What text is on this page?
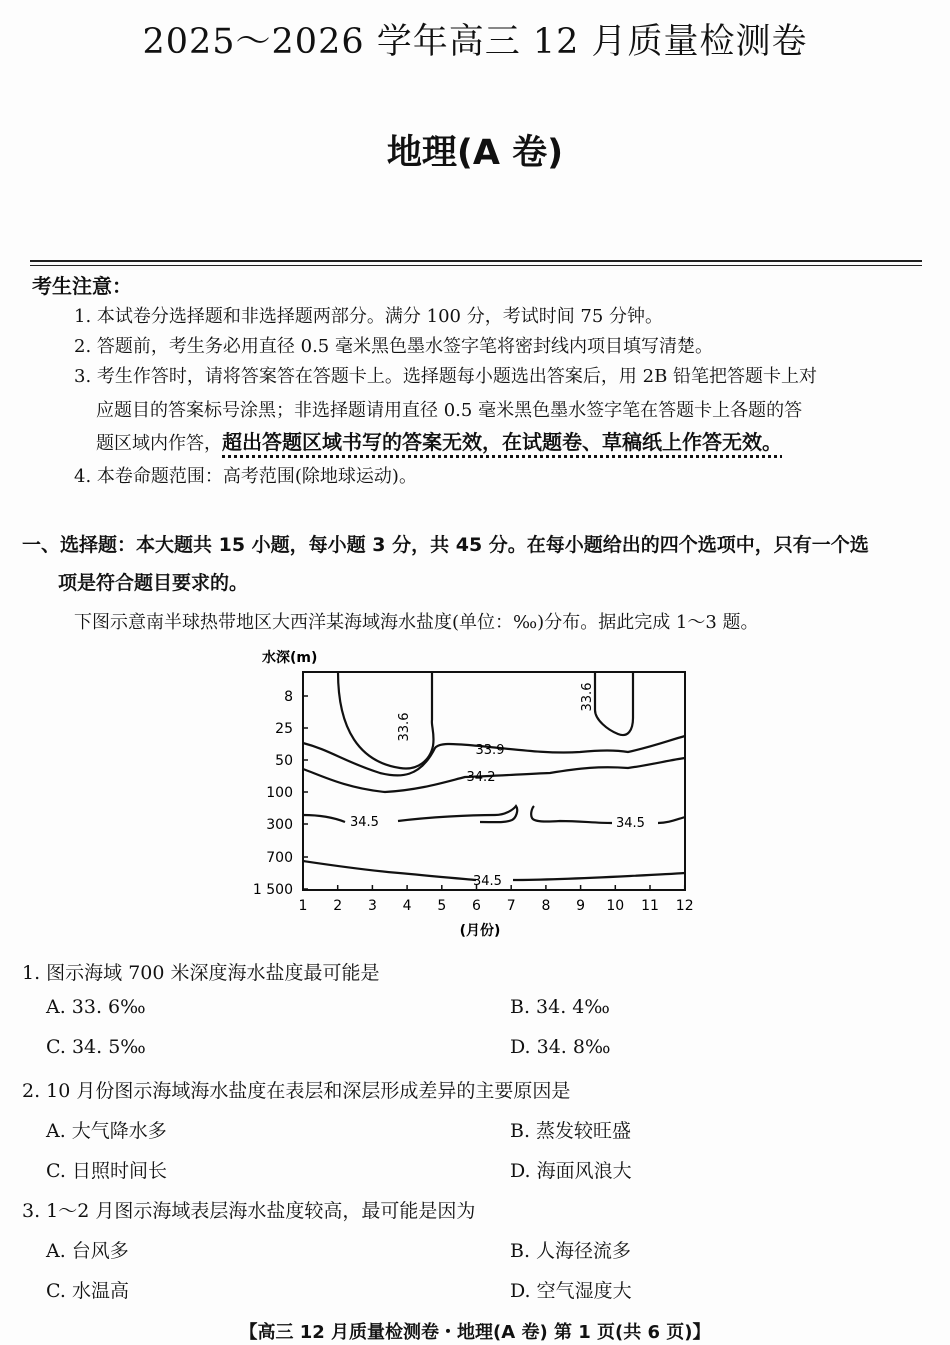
2025～2026 学年高三 12 月质量检测卷
地理(A 卷)
考生注意：
1. 本试卷分选择题和非选择题两部分。满分 100 分，考试时间 75 分钟。
2. 答题前，考生务必用直径 0.5 毫米黑色墨水签字笔将密封线内项目填写清楚。
3. 考生作答时，请将答案答在答题卡上。选择题每小题选出答案后，用 2B 铅笔把答题卡上对
应题目的答案标号涂黑；非选择题请用直径 0.5 毫米黑色墨水签字笔在答题卡上各题的答
题区域内作答，超出答题区域书写的答案无效，在试题卷、草稿纸上作答无效。
4. 本卷命题范围：高考范围(除地球运动)。
一、选择题：本大题共 15 小题，每小题 3 分，共 45 分。在每小题给出的四个选项中，只有一个选
项是符合题目要求的。
下图示意南半球热带地区大西洋某海域海水盐度(单位：‰)分布。据此完成 1～3 题。
水深(m)
8
25
50
100
300
700
1 500
1 2 3 4 5 6 7 8 9 10 11 12
(月份)
33.6
33.6
33.9
34.2
34.5	34.5
34.5
1. 图示海域 700 米深度海水盐度最可能是
A. 33. 6‰	B. 34. 4‰
C. 34. 5‰	D. 34. 8‰
2. 10 月份图示海域海水盐度在表层和深层形成差异的主要原因是
A. 大气降水多	B. 蒸发较旺盛
C. 日照时间长	D. 海面风浪大
3. 1～2 月图示海域表层海水盐度较高，最可能是因为
A. 台风多	B. 人海径流多
C. 水温高	D. 空气湿度大
【高三 12 月质量检测卷・地理(A 卷) 第 1 页(共 6 页)】
